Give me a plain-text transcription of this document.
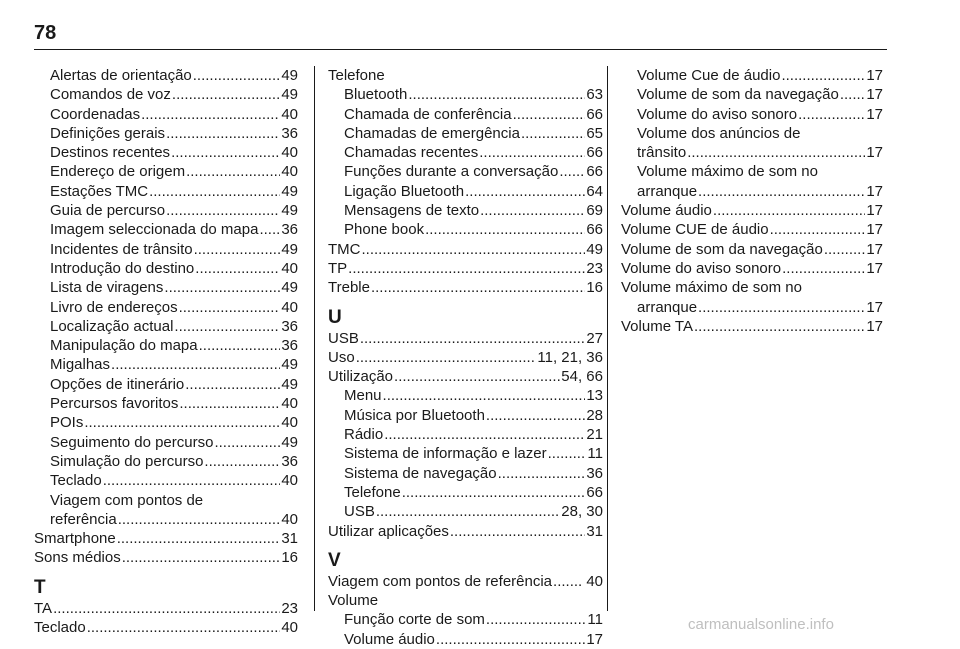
78
Alertas de orientação .....	49
Comandos de voz .....	49
Coordenadas .....	40
Definições gerais .....	36
Destinos recentes .....	40
Endereço de origem .....	40
Estações TMC .....	49
Guia de percurso .....	49
Imagem seleccionada do mapa ..... 36
Incidentes de trânsito .....	49
Introdução do destino .....	40
Lista de viragens .....	49
Livro de endereços .....	40
Localização actual .....	36
Manipulação do mapa .....	36
Migalhas .....	49
Opções de itinerário .....	49
Percursos favoritos .....	40
POIs .....	40
Seguimento do percurso .....	49
Simulação do percurso .....	36
Teclado .....	40
Viagem com pontos de
referência .....	40
Smartphone .....	31
Sons médios .....	16
T
TA .....	23
Teclado .....	40
Telefone
Bluetooth .....	63
Chamada de conferência .....	66
Chamadas de emergência .....	65
Chamadas recentes .....	66
Funções durante a conversação ..... 66
Ligação Bluetooth .....	64
Mensagens de texto .....	69
Phone book .....	66
TMC .....	49
TP .....	23
Treble .....	16
U
USB .....	27
Uso .....	11, 21, 36
Utilização .....	54, 66
Menu .....	13
Música por Bluetooth .....	28
Rádio .....	21
Sistema de informação e lazer .....	11
Sistema de navegação .....	36
Telefone .....	66
USB .....	28, 30
Utilizar aplicações .....	31
V
Viagem com pontos de referência ..... 40
Volume
Função corte de som .....	11
Volume áudio .....	17
Volume Cue de áudio .....	17
Volume de som da navegação ..... 17
Volume do aviso sonoro .....	17
Volume dos anúncios de
trânsito .....	17
Volume máximo de som no
arranque .....	17
Volume áudio .....	17
Volume CUE de áudio .....	17
Volume de som da navegação .....	17
Volume do aviso sonoro .....	17
Volume máximo de som no
arranque .....	17
Volume TA .....	17
carmanualsonline.info
